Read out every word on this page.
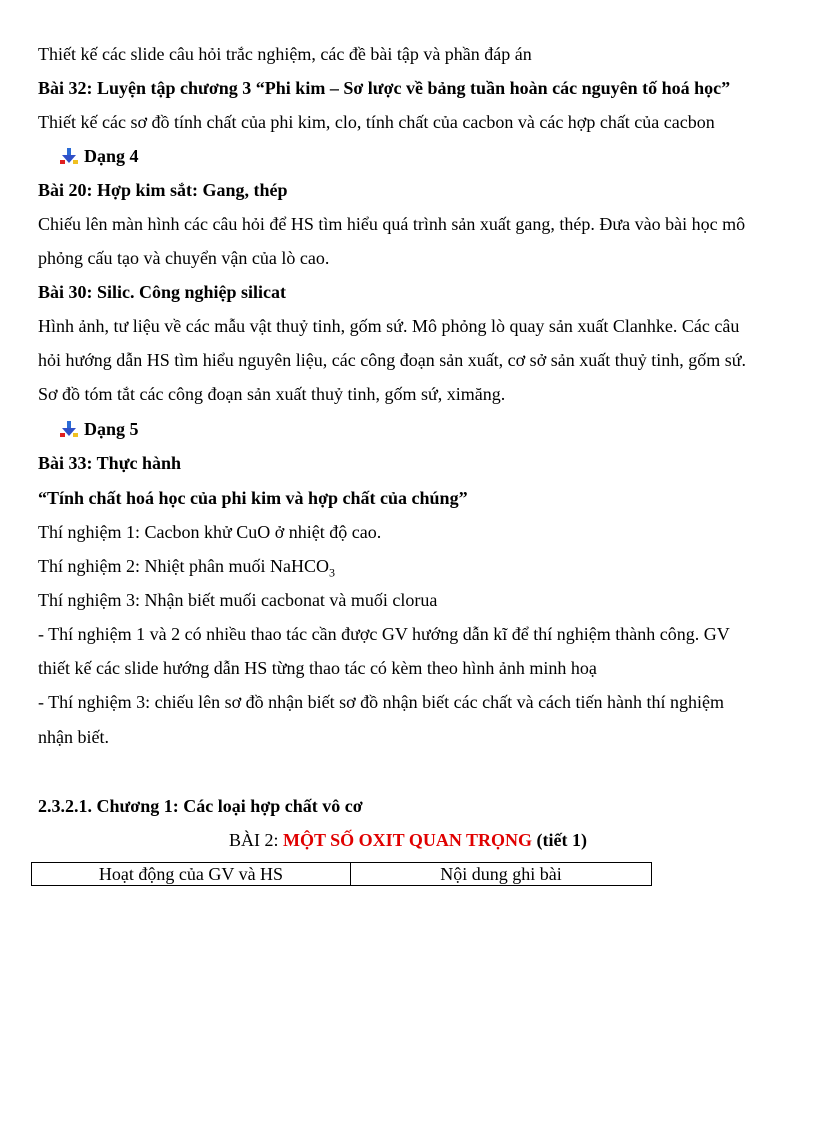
Thiết kế các slide câu hỏi trắc nghiệm, các đề bài tập và phần đáp án
Bài 32: Luyện tập chương 3 “Phi kim – Sơ lược về bảng tuần hoàn các nguyên tố hoá học”
Thiết kế các sơ đồ tính chất của phi kim, clo, tính chất của cacbon và các hợp chất của cacbon
Dạng 4
Bài 20: Hợp kim sắt: Gang, thép
Chiếu lên màn hình các câu hỏi để HS tìm hiểu quá trình sản xuất gang, thép. Đưa vào bài học mô
phỏng cấu tạo và chuyển vận của lò cao.
Bài 30: Silic. Công nghiệp silicat
Hình ảnh, tư liệu về các mẫu vật thuỷ tinh, gốm sứ. Mô phỏng lò quay sản xuất Clanhke. Các câu
hỏi hướng dẫn HS tìm hiểu nguyên liệu, các công đoạn sản xuất, cơ sở sản xuất thuỷ tinh, gốm sứ.
Sơ đồ tóm tắt các công đoạn sản xuất thuỷ tinh, gốm sứ, ximăng.
Dạng 5
Bài 33: Thực hành
“Tính chất hoá học của phi kim và hợp chất của chúng”
Thí nghiệm 1: Cacbon khử CuO ở nhiệt độ cao.
Thí nghiệm 2: Nhiệt phân muối NaHCO$_3$
Thí nghiệm 3: Nhận biết muối cacbonat và muối clorua
- Thí nghiệm 1 và 2 có nhiều thao tác cần được GV hướng dẫn kĩ để thí nghiệm thành công. GV
thiết kế các slide hướng dẫn HS từng thao tác có kèm theo hình ảnh minh hoạ
- Thí nghiệm 3: chiếu lên sơ đồ nhận biết sơ đồ nhận biết các chất và cách tiến hành thí nghiệm
nhận biết.
2.3.2.1. Chương 1: Các loại hợp chất vô cơ
BÀI 2: MỘT SỐ OXIT QUAN TRỌNG (tiết 1)
Hoạt động của GV và HS	Nội dung ghi bài
